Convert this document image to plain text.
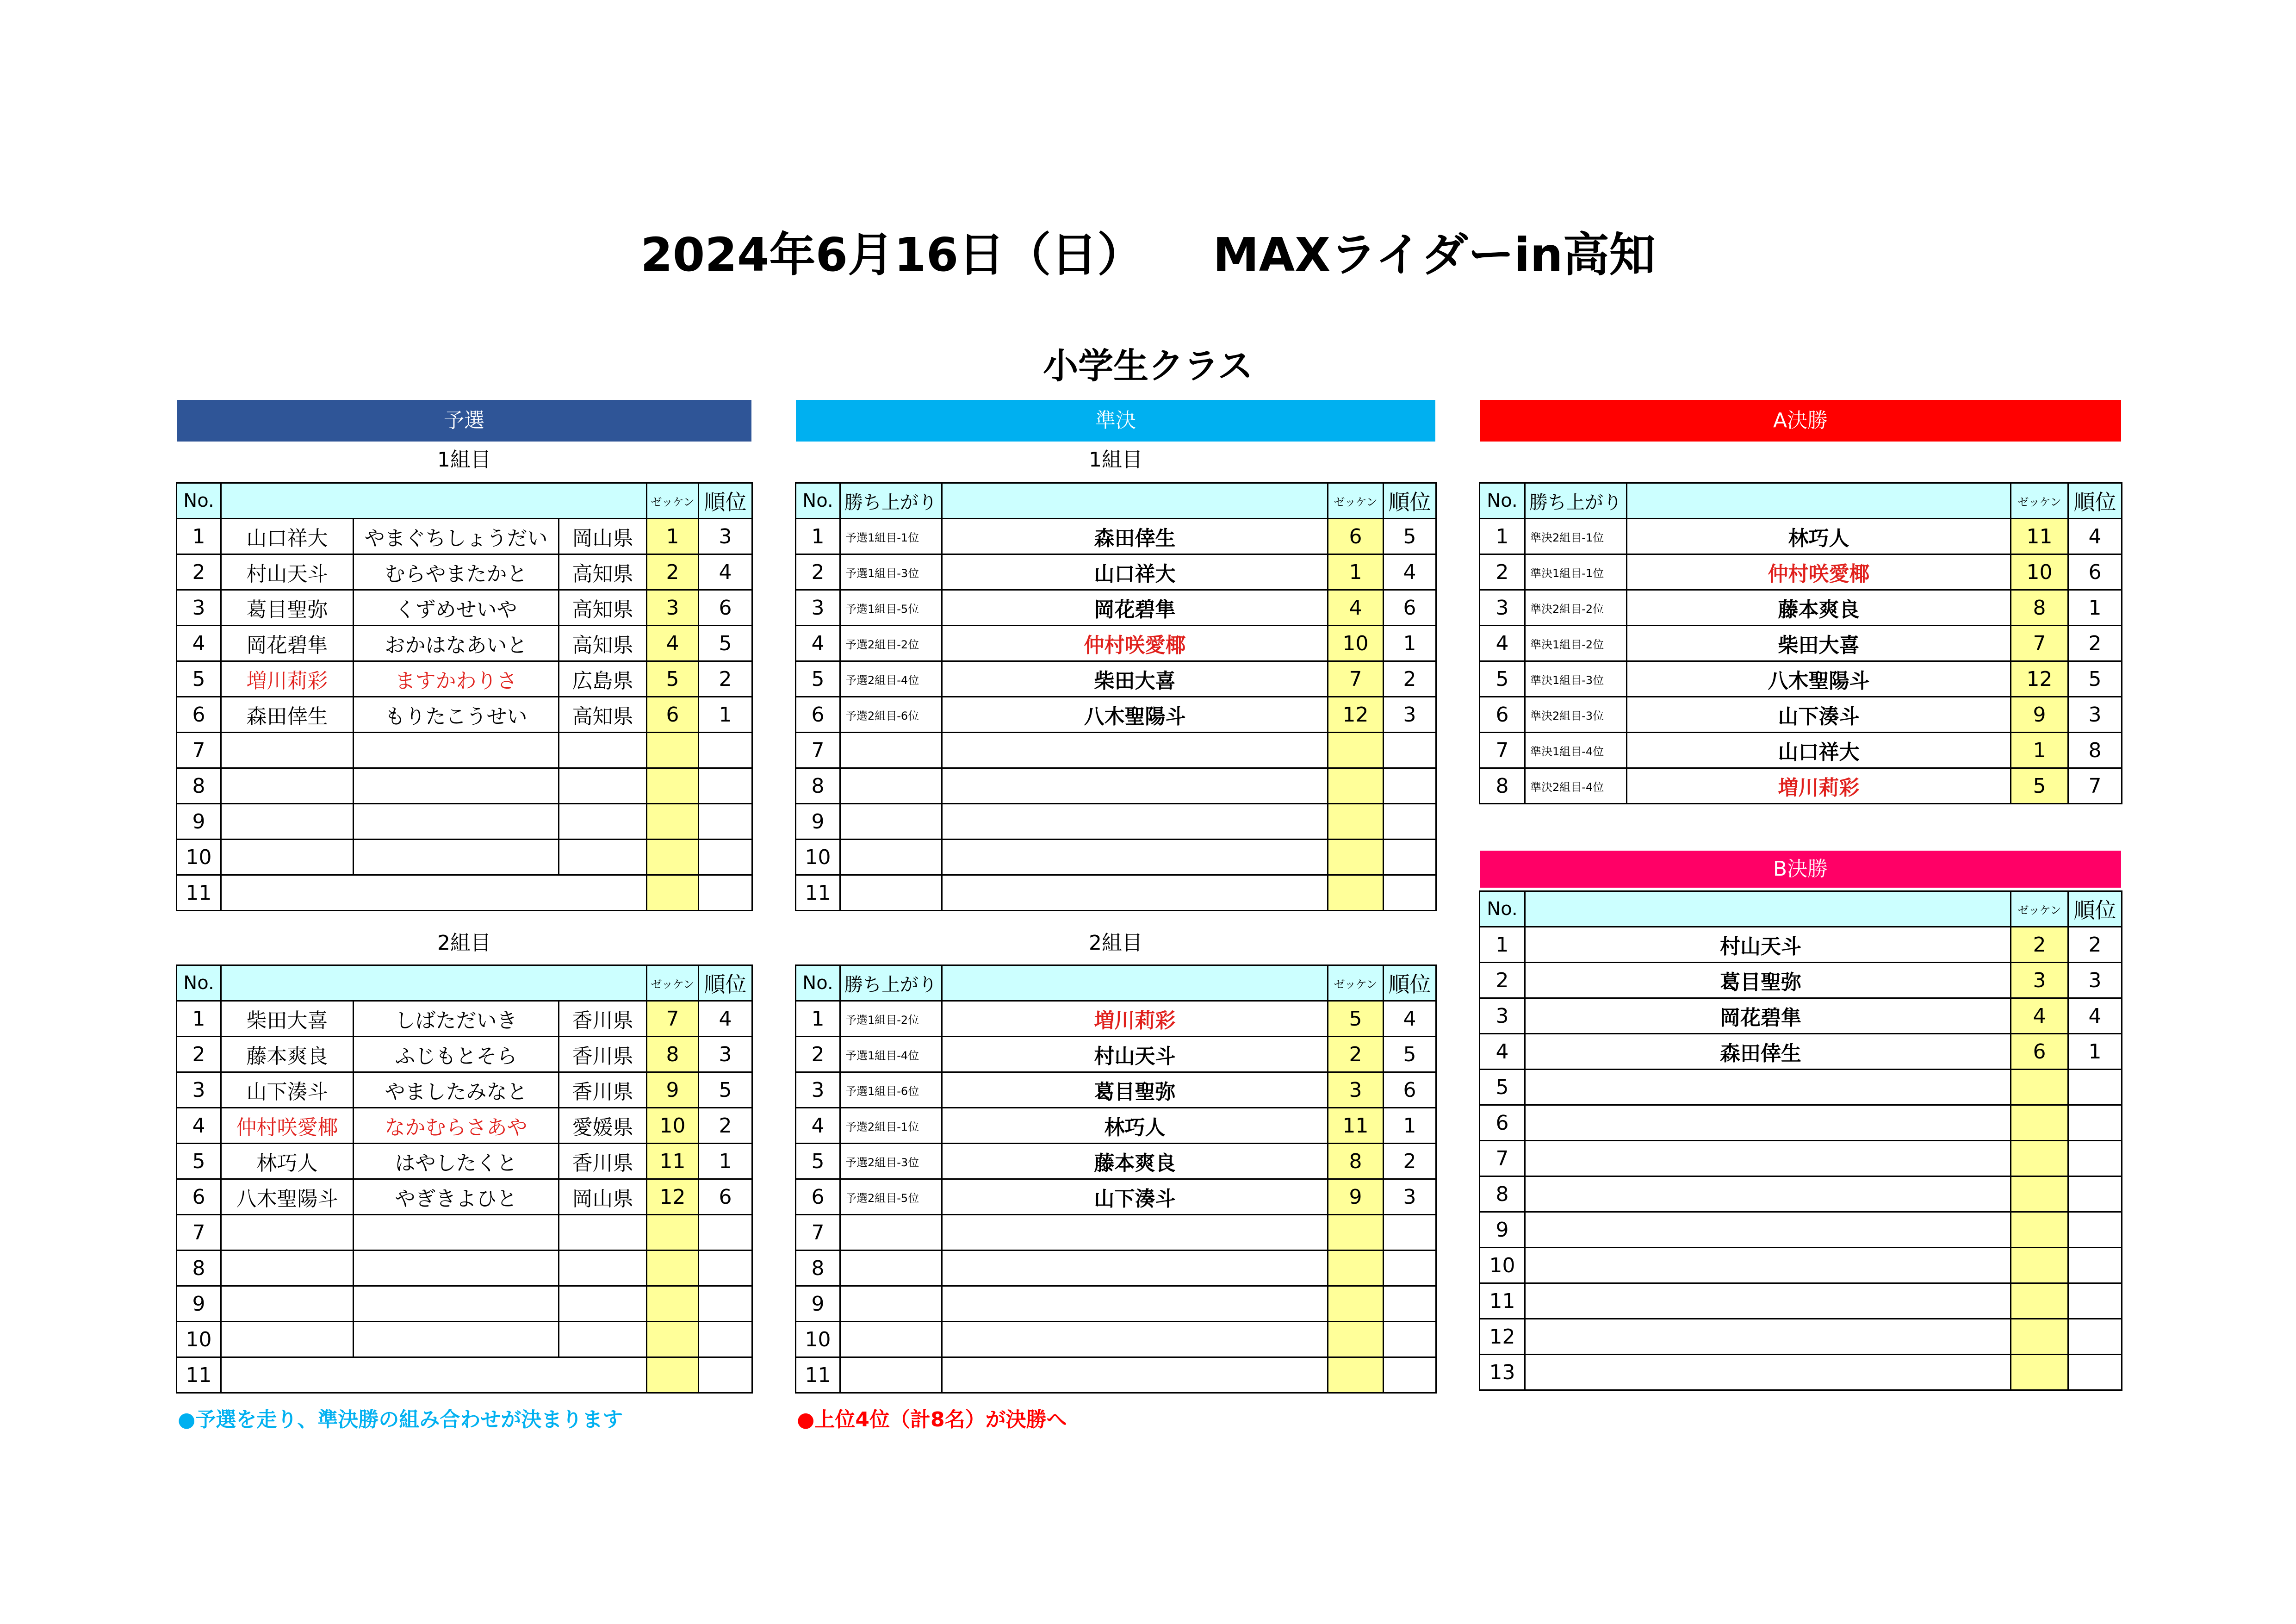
2024年6月16日（日）　　MAXライダーin高知
小学生クラス
予選	準決	A決勝
B決勝
1組目	1組目
2組目	2組目
No.				ゼッケン	順位
1	山口祥大	やまぐちしょうだい	岡山県	1	3
2	村山天斗	むらやまたかと	高知県	2	4
3	葛目聖弥	くずめせいや	高知県	3	6
4	岡花碧隼	おかはなあいと	高知県	4	5
5	増川莉彩	ますかわりさ	広島県	5	2
6	森田倖生	もりたこうせい	高知県	6	1
7					
8					
9					
10					
11					
No.				ゼッケン	順位
1	柴田大喜	しばただいき	香川県	7	4
2	藤本爽良	ふじもとそら	香川県	8	3
3	山下湊斗	やましたみなと	香川県	9	5
4	仲村咲愛椰	なかむらさあや	愛媛県	10	2
5	林巧人	はやしたくと	香川県	11	1
6	八木聖陽斗	やぎきよひと	岡山県	12	6
7					
8					
9					
10					
11					
No.	勝ち上がり		ゼッケン	順位
1	予選1組目-1位	森田倖生	6	5
2	予選1組目-3位	山口祥大	1	4
3	予選1組目-5位	岡花碧隼	4	6
4	予選2組目-2位	仲村咲愛椰	10	1
5	予選2組目-4位	柴田大喜	7	2
6	予選2組目-6位	八木聖陽斗	12	3
7				
8				
9				
10				
11				
No.	勝ち上がり		ゼッケン	順位
1	予選1組目-2位	増川莉彩	5	4
2	予選1組目-4位	村山天斗	2	5
3	予選1組目-6位	葛目聖弥	3	6
4	予選2組目-1位	林巧人	11	1
5	予選2組目-3位	藤本爽良	8	2
6	予選2組目-5位	山下湊斗	9	3
7				
8				
9				
10				
11				
No.	勝ち上がり		ゼッケン	順位
1	準決2組目-1位	林巧人	11	4
2	準決1組目-1位	仲村咲愛椰	10	6
3	準決2組目-2位	藤本爽良	8	1
4	準決1組目-2位	柴田大喜	7	2
5	準決1組目-3位	八木聖陽斗	12	5
6	準決2組目-3位	山下湊斗	9	3
7	準決1組目-4位	山口祥大	1	8
8	準決2組目-4位	増川莉彩	5	7
No.		ゼッケン	順位
1	村山天斗	2	2
2	葛目聖弥	3	3
3	岡花碧隼	4	4
4	森田倖生	6	1
5			
6			
7			
8			
9			
10			
11			
12			
13			
●予選を走り、準決勝の組み合わせが決まります	●上位4位（計8名）が決勝へ
